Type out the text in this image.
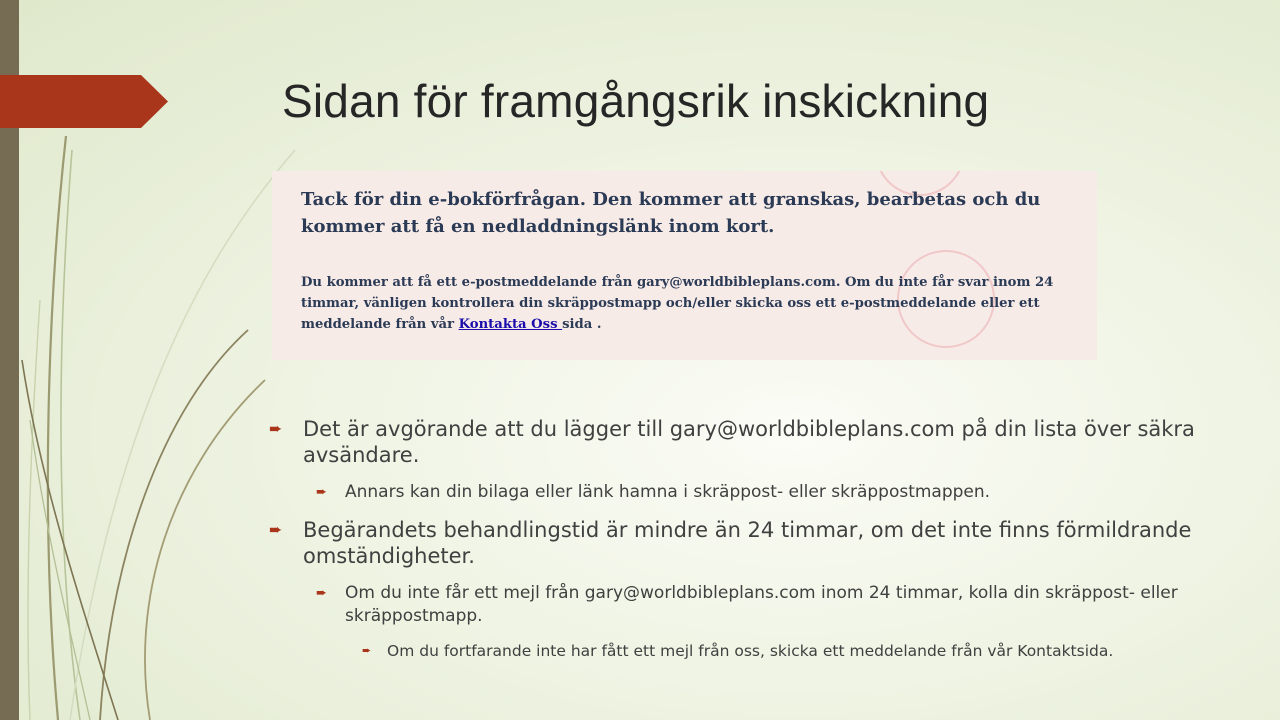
Sidan för framgångsrik inskickning

Tack för din e-bokförfrågan. Den kommer att granskas, bearbetas och du kommer att få en nedladdningslänk inom kort.

Du kommer att få ett e-postmeddelande från gary@worldbibleplans.com. Om du inte får svar inom 24 timmar, vänligen kontrollera din skräppostmapp och/eller skicka oss ett e-postmeddelande eller ett meddelande från vår Kontakta Oss sida .

➨ Det är avgörande att du lägger till gary@worldbibleplans.com på din lista över säkra avsändare.
➨ Annars kan din bilaga eller länk hamna i skräppost- eller skräppostmappen.
➨ Begärandets behandlingstid är mindre än 24 timmar, om det inte finns förmildrande omständigheter.
➨ Om du inte får ett mejl från gary@worldbibleplans.com inom 24 timmar, kolla din skräppost- eller skräppostmapp.
➨ Om du fortfarande inte har fått ett mejl från oss, skicka ett meddelande från vår Kontaktsida.
